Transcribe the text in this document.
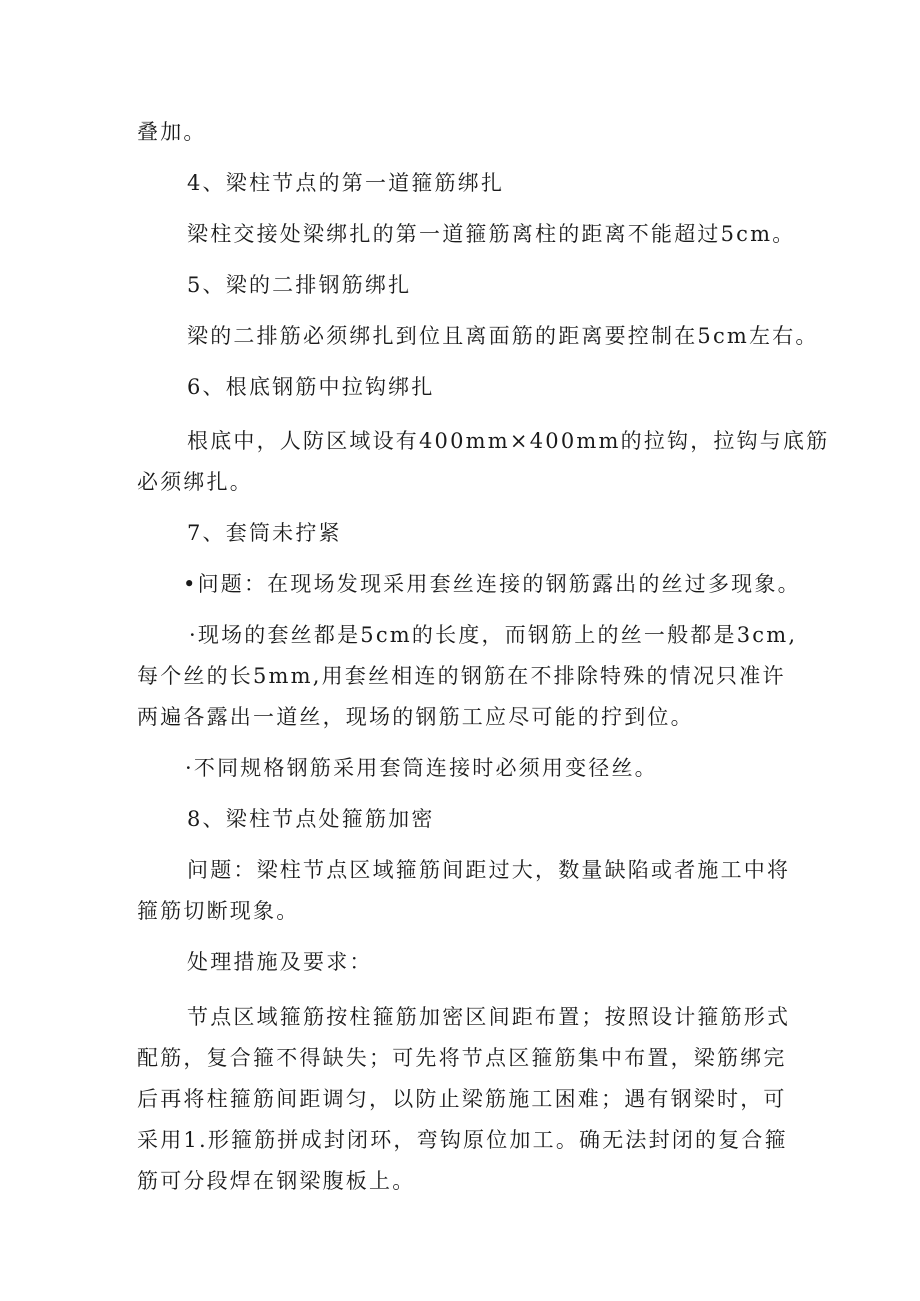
叠加。
4、梁柱节点的第一道箍筋绑扎
梁柱交接处梁绑扎的第一道箍筋离柱的距离不能超过5cm。
5、梁的二排钢筋绑扎
梁的二排筋必须绑扎到位且离面筋的距离要控制在5cm左右。
6、根底钢筋中拉钩绑扎
根底中，人防区域设有400mm×400mm的拉钩，拉钩与底筋
必须绑扎。
7、套筒未拧紧
•问题：在现场发现采用套丝连接的钢筋露出的丝过多现象。
·现场的套丝都是5cm的长度，而钢筋上的丝一般都是3cm,
每个丝的长5mm,用套丝相连的钢筋在不排除特殊的情况只准许
两遍各露出一道丝，现场的钢筋工应尽可能的拧到位。
·不同规格钢筋采用套筒连接时必须用变径丝。
8、梁柱节点处箍筋加密
问题：梁柱节点区域箍筋间距过大，数量缺陷或者施工中将
箍筋切断现象。
处理措施及要求：
节点区域箍筋按柱箍筋加密区间距布置；按照设计箍筋形式
配筋，复合箍不得缺失；可先将节点区箍筋集中布置，梁筋绑完
后再将柱箍筋间距调匀，以防止梁筋施工困难；遇有钢梁时，可
采用1.形箍筋拼成封闭环，弯钩原位加工。确无法封闭的复合箍
筋可分段焊在钢梁腹板上。
